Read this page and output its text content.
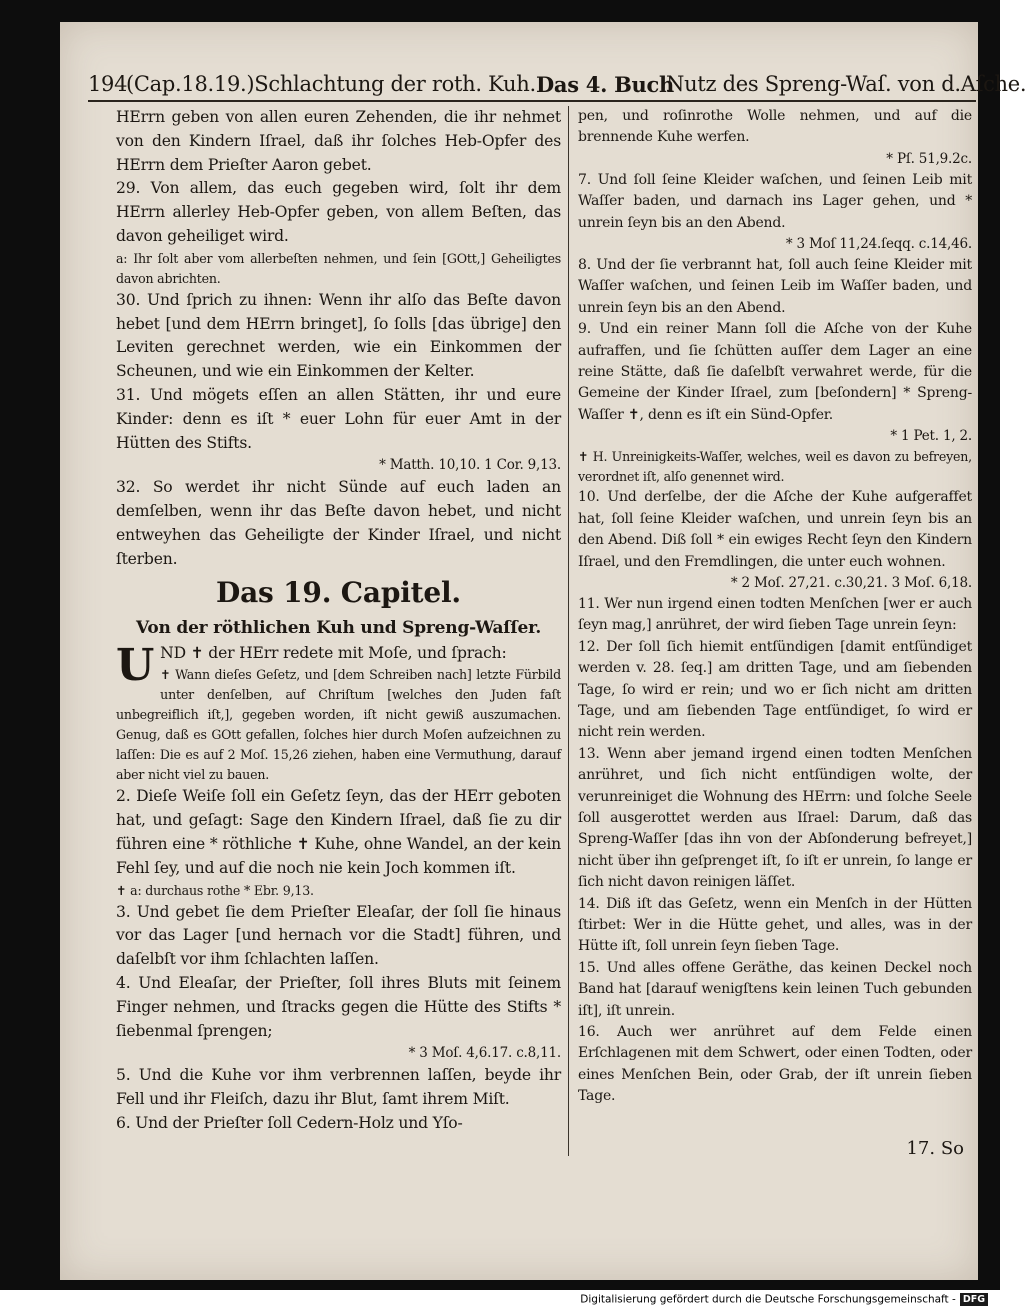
194
(Cap.18.19.)Schlachtung der roth. Kuh. Das 4. Buch
Nutz des Spreng-Waſ. von d.Aſche.

HErrn geben von allen euren Zehenden, die ihr nehmet von den Kindern Iſrael, daß ihr ſolches Heb-Opfer des HErrn dem Prieſter Aaron gebet.

29. Von allem, das euch gegeben wird, ſolt ihr dem HErrn allerley Heb-Opfer geben, von allem Beſten, das davon geheiliget wird.

a: Ihr ſolt aber vom allerbeſten nehmen, und ſein [GOtt,] Geheiligtes davon abrichten.

30. Und ſprich zu ihnen: Wenn ihr alſo das Beſte davon hebet [und dem HErrn bringet], ſo ſolls [das übrige] den Leviten gerechnet werden, wie ein Einkommen der Scheunen, und wie ein Einkommen der Kelter.

31. Und mögets eſſen an allen Stätten, ihr und eure Kinder: denn es iſt * euer Lohn für euer Amt in der Hütten des Stifts.

* Matth. 10,10. 1 Cor. 9,13.

32. So werdet ihr nicht Sünde auf euch laden an demſelben, wenn ihr das Beſte davon hebet, und nicht entweyhen das Geheiligte der Kinder Iſrael, und nicht ſterben.

Das 19. Capitel.
Von der röthlichen Kuh und Spreng-Waſſer.

UND ✝ der HErr redete mit Moſe, und ſprach:

✝ Wann dieſes Geſetz, und [dem Schreiben nach] letzte Fürbild unter denſelben, auf Chriſtum [welches den Juden faſt unbegreiflich iſt,], gegeben worden, iſt nicht gewiß auszumachen. Genug, daß es GOtt gefallen, ſolches hier durch Moſen aufzeichnen zu laſſen: Die es auf 2 Moſ. 15,26 ziehen, haben eine Vermuthung, darauf aber nicht viel zu bauen.

2. Dieſe Weiſe ſoll ein Geſetz ſeyn, das der HErr geboten hat, und geſagt: Sage den Kindern Iſrael, daß ſie zu dir führen eine * röthliche ✝ Kuhe, ohne Wandel, an der kein Fehl ſey, und auf die noch nie kein Joch kommen iſt.

✝ a: durchaus rothe * Ebr. 9,13.

3. Und gebet ſie dem Prieſter Eleaſar, der ſoll ſie hinaus vor das Lager [und hernach vor die Stadt] führen, und daſelbſt vor ihm ſchlachten laſſen.

4. Und Eleaſar, der Prieſter, ſoll ihres Bluts mit ſeinem Finger nehmen, und ſtracks gegen die Hütte des Stifts * ſiebenmal ſprengen;

* 3 Moſ. 4,6.17. c.8,11.

5. Und die Kuhe vor ihm verbrennen laſſen, beyde ihr Fell und ihr Fleiſch, dazu ihr Blut, ſamt ihrem Miſt.

6. Und der Prieſter ſoll Cedern-Holz und Yſo-

pen, und roſinrothe Wolle nehmen, und auf die brennende Kuhe werfen.

* Pſ. 51,9.2c.

7. Und ſoll ſeine Kleider waſchen, und ſeinen Leib mit Waſſer baden, und darnach ins Lager gehen, und * unrein ſeyn bis an den Abend.

* 3 Moſ 11,24.ſeqq. c.14,46.

8. Und der ſie verbrannt hat, ſoll auch ſeine Kleider mit Waſſer waſchen, und ſeinen Leib im Waſſer baden, und unrein ſeyn bis an den Abend.

9. Und ein reiner Mann ſoll die Aſche von der Kuhe aufraffen, und ſie ſchütten auſſer dem Lager an eine reine Stätte, daß ſie daſelbſt verwahret werde, für die Gemeine der Kinder Iſrael, zum [beſondern] * Spreng-Waſſer ✝, denn es iſt ein Sünd-Opfer.

* 1 Pet. 1, 2.

✝ H. Unreinigkeits-Waſſer, welches, weil es davon zu befreyen, verordnet iſt, alſo genennet wird.

10. Und derſelbe, der die Aſche der Kuhe aufgeraffet hat, ſoll ſeine Kleider waſchen, und unrein ſeyn bis an den Abend. Diß ſoll * ein ewiges Recht ſeyn den Kindern Iſrael, und den Fremdlingen, die unter euch wohnen.

* 2 Moſ. 27,21. c.30,21. 3 Moſ. 6,18.

11. Wer nun irgend einen todten Menſchen [wer er auch ſeyn mag,] anrühret, der wird ſieben Tage unrein ſeyn:

12. Der ſoll ſich hiemit entſündigen [damit entſündiget werden v. 28. ſeq.] am dritten Tage, und am ſiebenden Tage, ſo wird er rein; und wo er ſich nicht am dritten Tage, und am ſiebenden Tage entſündiget, ſo wird er nicht rein werden.

13. Wenn aber jemand irgend einen todten Menſchen anrühret, und ſich nicht entſündigen wolte, der verunreiniget die Wohnung des HErrn: und ſolche Seele ſoll ausgerottet werden aus Iſrael: Darum, daß das Spreng-Waſſer [das ihn von der Abſonderung befreyet,] nicht über ihn geſprenget iſt, ſo iſt er unrein, ſo lange er ſich nicht davon reinigen läſſet.

14. Diß iſt das Geſetz, wenn ein Menſch in der Hütten ſtirbet: Wer in die Hütte gehet, und alles, was in der Hütte iſt, ſoll unrein ſeyn ſieben Tage.

15. Und alles offene Geräthe, das keinen Deckel noch Band hat [darauf wenigſtens kein leinen Tuch gebunden iſt], iſt unrein.

16. Auch wer anrühret auf dem Felde einen Erſchlagenen mit dem Schwert, oder einen Todten, oder eines Menſchen Bein, oder Grab, der iſt unrein ſieben Tage.

17. So
Digitalisierung gefördert durch die Deutsche Forschungsgemeinschaft - DFG
